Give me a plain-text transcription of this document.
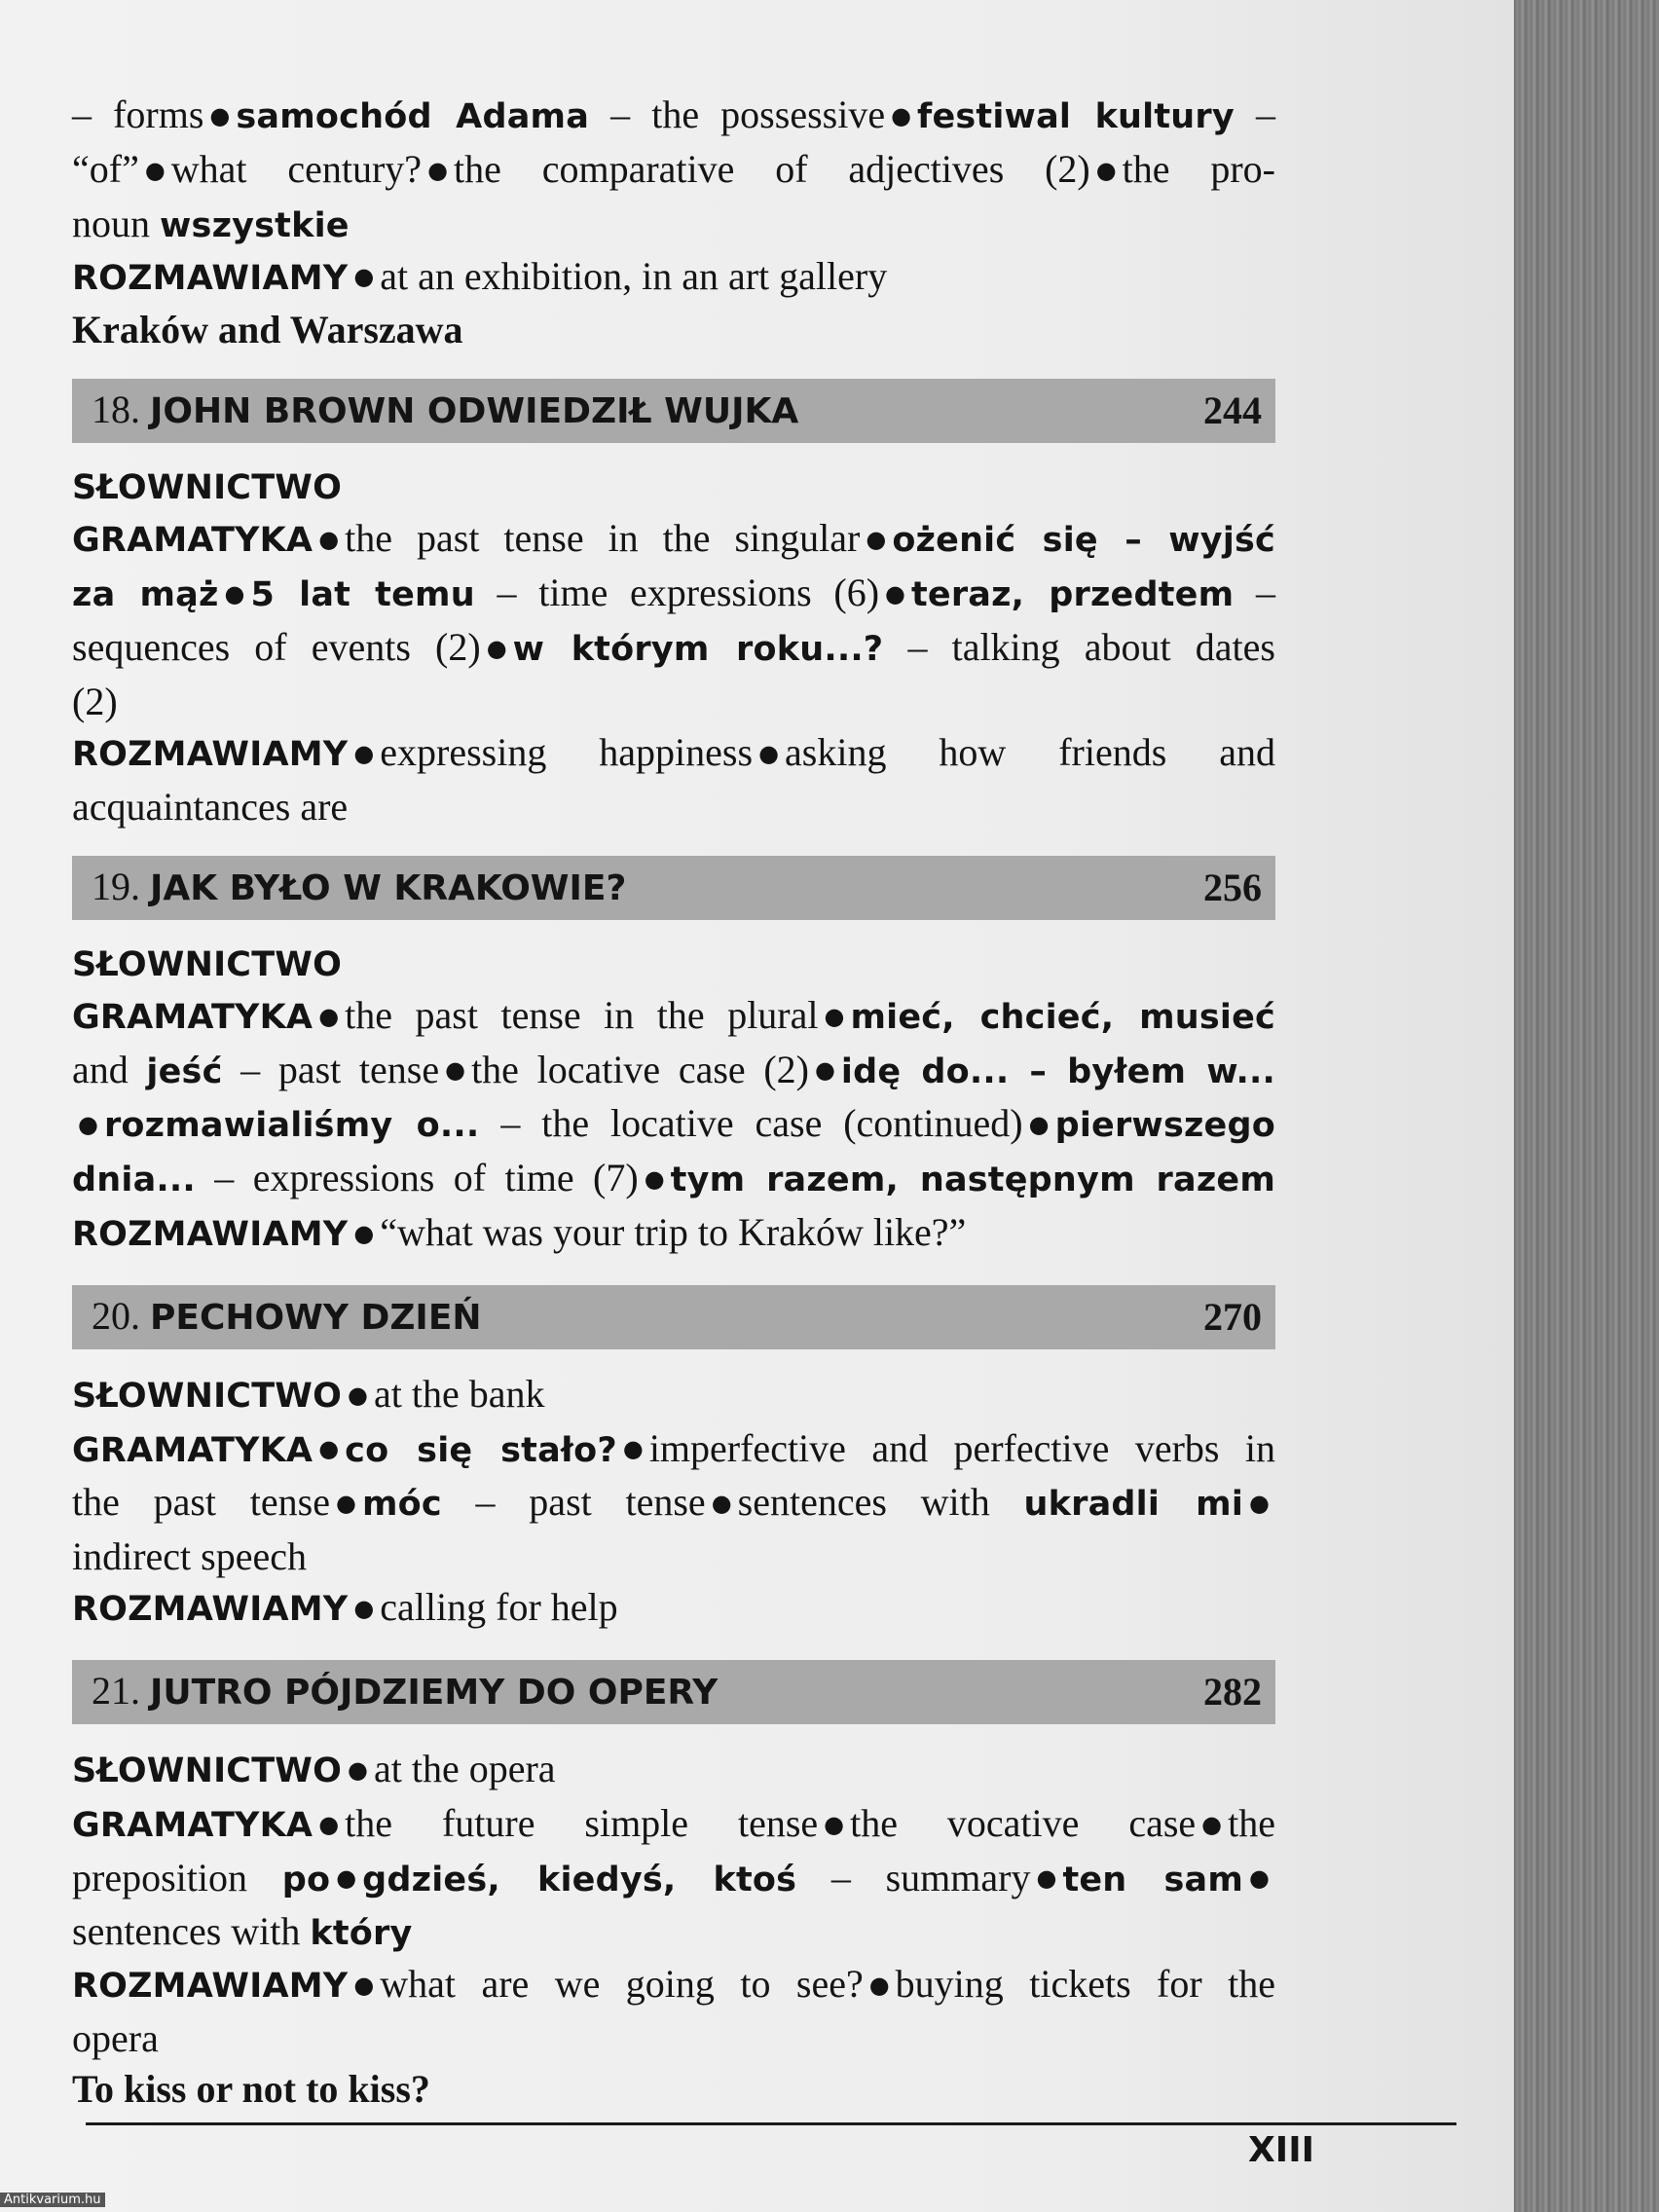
– forms ● samochód Adama – the possessive ● festiwal kultury –
“of” ● what century? ● the comparative of adjectives (2) ● the pro-
noun wszystkie
ROZMAWIAMY ● at an exhibition, in an art gallery
Kraków and Warszawa
18. JOHN BROWN ODWIEDZIŁ WUJKA	244
SŁOWNICTWO
GRAMATYKA ● the past tense in the singular ● ożenić się – wyjść
za mąż ● 5 lat temu – time expressions (6) ● teraz, przedtem –
sequences of events (2) ● w którym roku...? – talking about dates
(2)
ROZMAWIAMY ● expressing happiness ● asking how friends and
acquaintances are
19. JAK BYŁO W KRAKOWIE?	256
SŁOWNICTWO
GRAMATYKA ● the past tense in the plural ● mieć, chcieć, musieć
and jeść – past tense ● the locative case (2) ● idę do... – byłem w...
● rozmawialiśmy o... – the locative case (continued) ● pierwszego
dnia... – expressions of time (7) ● tym razem, następnym razem
ROZMAWIAMY ● “what was your trip to Kraków like?”
20. PECHOWY DZIEŃ	270
SŁOWNICTWO ● at the bank
GRAMATYKA ● co się stało? ● imperfective and perfective verbs in
the past tense ● móc – past tense ● sentences with ukradli mi ●
indirect speech
ROZMAWIAMY ● calling for help
21. JUTRO PÓJDZIEMY DO OPERY	282
SŁOWNICTWO ● at the opera
GRAMATYKA ● the future simple tense ● the vocative case ● the
preposition po ● gdzieś, kiedyś, ktoś – summary ● ten sam ●
sentences with który
ROZMAWIAMY ● what are we going to see? ● buying tickets for the
opera
To kiss or not to kiss?
XIII
Antikvarium.hu
